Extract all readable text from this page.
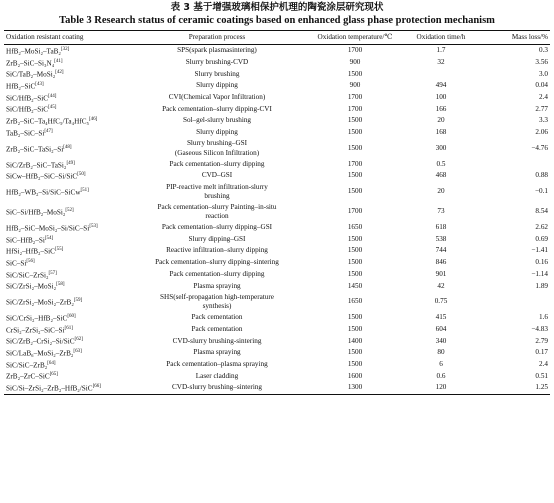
表 3 基于增强玻璃相保护机理的陶瓷涂层研究现状
Table 3 Research status of ceramic coatings based on enhanced glass phase protection mechanism
Oxidation resistant coating	Preparation process	Oxidation temperature/℃	Oxidation time/h	Mass loss/%
HfB₂–MoSi₂–TaB₂[32]	SPS(spark plasmasintering)	1700	1.7	0.3
ZrB₂–SiC–Si₃N₄[41]	Slurry brushing-CVD	900	32	3.56
SiC/TaB₂–MoSi₂[42]	Slurry brushing	1500		3.0
HfB₂–SiC[43]	Slurry dipping	900	494	0.04
SiC/HfB₂–SiC[44]	CVI(Chemical Vapor Infiltration)	1700	100	2.4
SiC/HfB₂–SiC[45]	Pack cementation–slurry dipping-CVI	1700	166	2.77
ZrB₂–SiC–Ta₄HfC₅/Ta₄HfC₅[46]	Sol–gel-slurry brushing	1500	20	3.3
TaB₂–SiC–Si[47]	Slurry dipping	1500	168	2.06
ZrB₂–SiC–TaSi₂–Si[48]	Slurry brushing–GSI
(Gaseous Silicon Infiltration)	1500	300	−4.76
SiC/ZrB₂–SiC–TaSi₂[49]	Pack cementation–slurry dipping	1700	0.5	
SiCw–HfB₂–SiC–Si/SiC[50]	CVD–GSI	1500	468	0.88
HfB₂–WB₂–Si/SiC–SiCw[51]	PIP-reactive melt infiltration-slurry
brushing	1500	20	−0.1
SiC–Si/HfB₂–MoSi₂[52]	Pack cementation–slurry Painting–in-situ
reaction	1700	73	8.54
HfB₂–SiC–MoSi₂–Si/SiC–Si[53]	Pack cementation–slurry dipping–GSI	1650	618	2.62
SiC–HfB₂–Si[54]	Slurry dipping–GSI	1500	538	0.69
HfSi₂–HfB₂–SiC[55]	Reactive infiltration–slurry dipping	1500	744	−1.41
SiC–Si[56]	Pack cementation–slurry dipping–sintering	1500	846	0.16
SiC/SiC–ZrSi₂[57]	Pack cementation–slurry dipping	1500	901	−1.14
SiC/ZrSi₂–MoSi₂[58]	Plasma spraying	1450	42	1.89
SiC/ZrSi₂–MoSi₂–ZrB₂[59]	SHS(self-propagation high-temperature
synthesis)	1650	0.75	
SiC/CrSi₂–HfB₂–SiC[60]	Pack cementation	1500	415	1.6
CrSi₂–ZrSi₂–SiC–Si[61]	Pack cementation	1500	604	−4.83
SiC/ZrB₂–CrSi₂–Si/SiC[62]	CVD-slurry brushing-sintering	1400	340	2.79
SiC/LaB₆–MoSi₂–ZrB₂[63]	Plasma spraying	1500	80	0.17
SiC/SiC–ZrB₂[64]	Pack cementation–plasma spraying	1500	6	2.4
ZrB₂–ZrC–SiC[65]	Laser cladding	1600	0.6	0.51
SiC/Si–ZrSi₂–ZrB₂–HfB₂/SiC[66]	CVD-slurry brushing–sintering	1300	120	1.25
